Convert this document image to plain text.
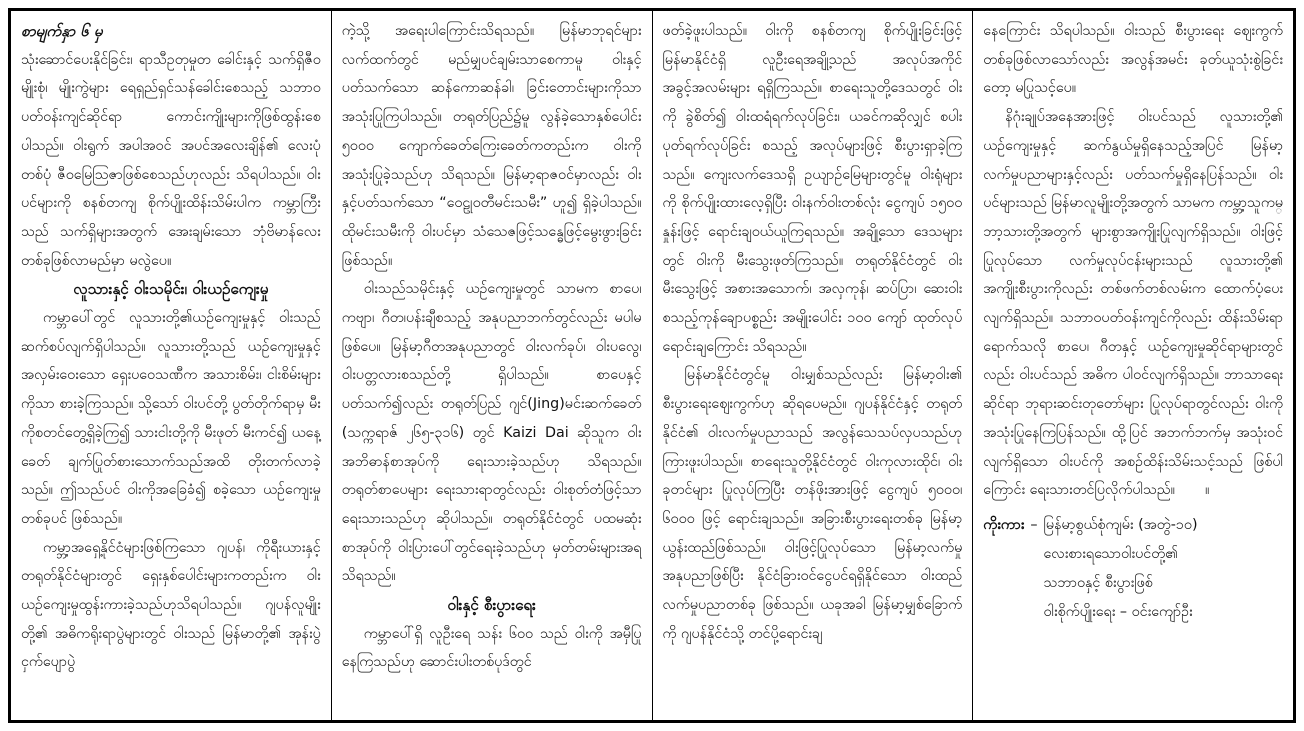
စာမျက်နှာ ၆ မှ

သုံးဆောင်ပေးနိုင်ခြင်း၊ ရာသီဥတုမှုတ ခေါင်းနှင့် သက်ရှိဇီဝမျိုးစုံ၊ မျိုးကွဲများ ရေရှည်ရှင်သန်ခေါင်းစေသည့် သဘာဝပတ်ဝန်းကျင်ဆိုင်ရာ ကောင်းကျိုးများကိုဖြစ်ထွန်းစေပါသည်။ ဝါးရွက် အပါအဝင် အပင်အလေးချိန်၏ လေးပုံတစ်ပုံ ဇီဝမြေဩဇာဖြစ်စေသည်ဟုလည်း သိရပါသည်။ ဝါးပင်များကို စနစ်တကျ စိုက်ပျိုးထိန်းသိမ်းပါက ကမ္ဘာကြီးသည် သက်ရှိများအတွက် အေးချမ်းသော ဘုံဗိမာန်လေးတစ်ခုဖြစ်လာမည်မှာ မလွဲပေ။

လူသားနှင့် ဝါးသမိုင်း၊ ဝါးယဉ်ကျေးမှု

ကမ္ဘာပေါ်တွင် လူသားတို့၏ယဉ်ကျေးမှုနှင့် ဝါးသည် ဆက်စပ်လျက်ရှိပါသည်။ လူသားတို့သည် ယဉ်ကျေးမှုနှင့်အလှမ်းဝေးသော ရှေးပဝေသဏီက အသားစိမ်း၊ ငါးစိမ်းများကိုသာ စားခဲ့ကြသည်။ သို့သော် ဝါးပင်တို့ ပွတ်တိုက်ရာမှ မီးကိုစတင်တွေ့ရှိခဲ့ကြ၍ သားငါးတို့ကို မီးဖုတ် မီးကင်၍ ယနေ့ခေတ် ချက်ပြုတ်စားသောက်သည်အထိ တိုးတက်လာခဲ့သည်။ ဤသည်ပင် ဝါးကိုအခြေခံ၍ စခဲ့သော ယဉ်ကျေးမှုတစ်ခုပင် ဖြစ်သည်။

ကမ္ဘာ့အရှေ့နိုင်ငံများဖြစ်ကြသော ဂျပန်၊ ကိုရီးယားနှင့် တရုတ်နိုင်ငံများတွင် ရှေးနှစ်ပေါင်းများကတည်းက ဝါးယဉ်ကျေးမှုထွန်းကားခဲ့သည်ဟုသိရပါသည်။ ဂျပန်လူမျိုးတို့၏ အဓိကရိုးရာပွဲများတွင် ဝါးသည် မြန်မာတို့၏ အုန်းပွဲ ငှက်ပျောပွဲ

ကဲ့သို့ အရေးပါကြောင်းသိရသည်။ မြန်မာဘုရင်များလက်ထက်တွင် မည်မျှပင်ချမ်းသာစေကာမူ ဝါးနှင့်ပတ်သက်သော ဆန်ကောဆန်ခါ၊ ခြင်းတောင်းများကိုသာ အသုံးပြုကြပါသည်။ တရုတ်ပြည်၌မူ လွန်ခဲ့သောနှစ်ပေါင်း ၅၀၀၀ ကျောက်ခေတ်ကြေးခေတ်ကတည်းက ဝါးကိုအသုံးပြုခဲ့သည်ဟု သိရသည်။ မြန်မာ့ရာဇဝင်မှာလည်း ဝါးနှင့်ပတ်သက်သော “ဝေဠုဝတီမင်းသမီး” ဟူ၍ ရှိခဲ့ပါသည်။ ထိုမင်းသမီးကို ဝါးပင်မှာ သံသေဇဖြင့်သန္ဓေဖြင့်မွေးဖွားခြင်းဖြစ်သည်။

ဝါးသည်သမိုင်းနှင့် ယဉ်ကျေးမှုတွင် သာမက စာပေ၊ ကဗျာ၊ ဂီတ၊ပန်းချီစသည့် အနုပညာဘက်တွင်လည်း မပါမဖြစ်ပေ။ မြန်မာ့ဂီတအနုပညာတွင် ဝါးလက်ခုပ်၊ ဝါးပလွေ၊ ဝါးပတ္တလားစသည်တို့ ရှိပါသည်။ စာပေနှင့်ပတ်သက်၍လည်း တရုတ်ပြည် ဂျင်(Jing)မင်းဆက်ခေတ် (သက္ကရာဇ် ၂၆၅-၃၁၆) တွင် Kaizi Dai ဆိုသူက ဝါးအဘိဓာန်စာအုပ်ကို ရေးသားခဲ့သည်ဟု သိရသည်။ တရုတ်စာပေများ ရေးသားရာတွင်လည်း ဝါးစုတ်တံဖြင့်သာ ရေးသားသည်ဟု ဆိုပါသည်။ တရုတ်နိုင်ငံတွင် ပထမဆုံးစာအုပ်ကို ဝါးပြားပေါ်တွင်ရေးခဲ့သည်ဟု မှတ်တမ်းများအရ သိရသည်။

ဝါးနှင့် စီးပွားရေး

ကမ္ဘာပေါ်ရှိ လူဦးရေ သန်း ၆၀၀ သည် ဝါးကို အမှီပြုနေကြသည်ဟု ဆောင်းပါးတစ်ပုဒ်တွင်

ဖတ်ခဲ့ဖူးပါသည်။ ဝါးကို စနစ်တကျ စိုက်ပျိုးခြင်းဖြင့် မြန်မာနိုင်ငံရှိ လူဦးရေအချို့သည် အလုပ်အကိုင်အခွင့်အလမ်းများ ရရှိကြသည်။ စာရေးသူတို့ဒေသတွင် ဝါးကို ခွဲစိတ်၍ ဝါးထရံရက်လုပ်ခြင်း၊ ယခင်ကဆိုလျှင် စပါးပုတ်ရက်လုပ်ခြင်း စသည့် အလုပ်များဖြင့် စီးပွားရှာခဲ့ကြသည်။ ကျေးလက်ဒေသရှိ ဥယျာဉ်မြေများတွင်မူ ဝါးရုံများကို စိုက်ပျိုးထားလေ့ရှိပြီး ဝါးနက်ဝါးတစ်လုံး ငွေကျပ် ၁၅၀၀ နှုန်းဖြင့် ရောင်းချဝယ်ယူကြရသည်။ အချို့သော ဒေသများတွင် ဝါးကို မီးသွေးဖုတ်ကြသည်။ တရုတ်နိုင်ငံတွင် ဝါးမီးသွေးဖြင့် အစားအသောက်၊ အလှကုန်၊ ဆပ်ပြာ၊ ဆေးဝါး စသည့်ကုန်ချောပစ္စည်း အမျိုးပေါင်း ၁၀၀ ကျော် ထုတ်လုပ်ရောင်းချကြောင်း သိရသည်။

မြန်မာနိုင်ငံတွင်မူ ဝါးမျှစ်သည်လည်း မြန်မာ့ဝါး၏ စီးပွားရေးဈေးကွက်ဟု ဆိုရပေမည်။ ဂျပန်နိုင်ငံနှင့် တရုတ်နိုင်ငံ၏ ဝါးလက်မှုပညာသည် အလွန်သေသပ်လှပသည်ဟု ကြားဖူးပါသည်။ စာရေးသူတို့နိုင်ငံတွင် ဝါးကုလားထိုင်၊ ဝါးခုတင်များ ပြုလုပ်ကြပြီး တန်ဖိုးအားဖြင့် ငွေကျပ် ၅၀၀၀၊ ၆၀၀၀ ဖြင့် ရောင်းချသည်။ အခြားစီးပွားရေးတစ်ခု မြန်မာ့ယွန်းထည်ဖြစ်သည်။ ဝါးဖြင့်ပြုလုပ်သော မြန်မာ့လက်မှုအနုပညာဖြစ်ပြီး နိုင်ငံခြားဝင်ငွေပင်ရရှိနိုင်သော ဝါးထည်လက်မှုပညာတစ်ခု ဖြစ်သည်။ ယခုအခါ မြန်မာ့မျှစ်ခြောက်ကို ဂျပန်နိုင်ငံသို့ တင်ပို့ရောင်းချ

နေကြောင်း သိရပါသည်။ ဝါးသည် စီးပွားရေး ဈေးကွက်တစ်ခုဖြစ်လာသော်လည်း အလွန်အမင်း ခုတ်ယူသုံးစွဲခြင်းတော့ မပြုသင့်ပေ။

နိဂုံးချုပ်အနေအားဖြင့် ဝါးပင်သည် လူသားတို့၏ ယဉ်ကျေးမှုနှင့် ဆက်နွယ်မှုရှိနေသည့်အပြင် မြန်မာ့လက်မှုပညာများနှင့်လည်း ပတ်သက်မှုရှိနေပြန်သည်။ ဝါးပင်များသည် မြန်မာလူမျိုးတို့အတွက် သာမက ကမ္ဘာ့သူကမ္ဘာ့သားတို့အတွက် များစွာအကျိုးပြုလျက်ရှိသည်။ ဝါးဖြင့်ပြုလုပ်သော လက်မှုလုပ်ငန်းများသည် လူသားတို့၏ အကျိုးစီးပွားကိုလည်း တစ်ဖက်တစ်လမ်းက ထောက်ပံ့ပေးလျက်ရှိသည်။ သဘာဝပတ်ဝန်းကျင်ကိုလည်း ထိန်းသိမ်းရာ ရောက်သလို စာပေ၊ ဂီတနှင့် ယဉ်ကျေးမှုဆိုင်ရာများတွင်လည်း ဝါးပင်သည် အဓိက ပါဝင်လျက်ရှိသည်။ ဘာသာရေးဆိုင်ရာ ဘုရားဆင်းတုတော်များ ပြုလုပ်ရာတွင်လည်း ဝါးကို အသုံးပြုနေကြပြန်သည်။ ထို့ပြင် အဘက်ဘက်မှ အသုံးဝင်လျက်ရှိသော ဝါးပင်ကို အစဉ်ထိန်းသိမ်းသင့်သည် ဖြစ်ပါကြောင်း ရေးသားတင်ပြလိုက်ပါသည်။ ။

ကိုးကား – မြန်မာ့စွယ်စုံကျမ်း (အတွဲ-၁၀)
လေးစားရသောဝါးပင်တို့၏
သဘာဝနှင့် စီးပွားဖြစ်
ဝါးစိုက်ပျိုးရေး – ဝင်းကျော်ဦး
